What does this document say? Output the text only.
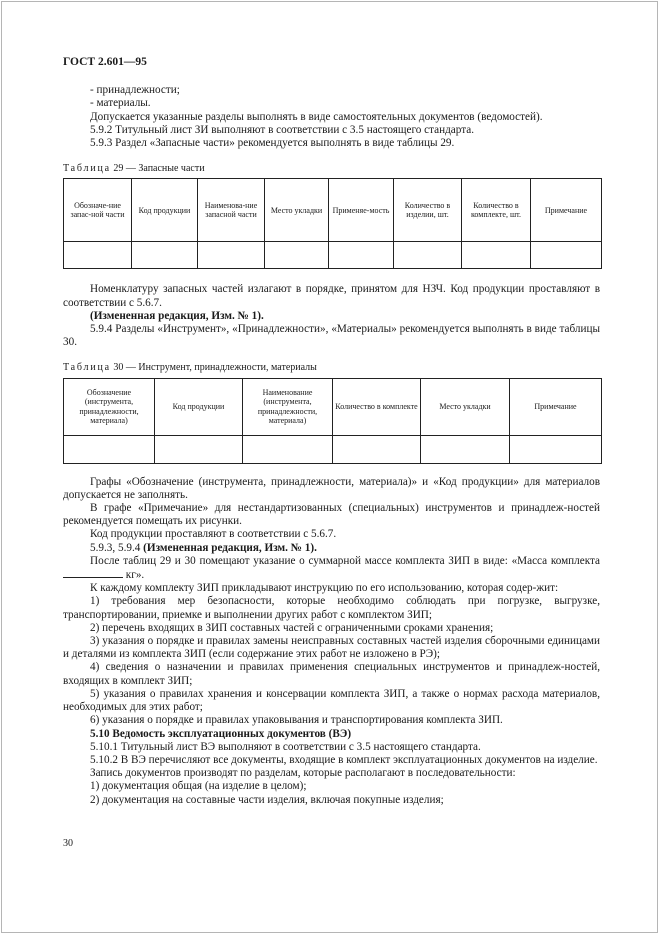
ГОСТ 2.601—95

- принадлежности;

- материалы.

Допускается указанные разделы выполнять в виде самостоятельных документов (ведомостей).

5.9.2 Титульный лист ЗИ выполняют в соответствии с 3.5 настоящего стандарта.

5.9.3 Раздел «Запасные части» рекомендуется выполнять в виде таблицы 29.

Таблица 29 — Запасные части
Обозначе-ние запас-ной части	Код продукции	Наименова-ние запасной части	Место укладки	Применяе-мость	Количество в изделии, шт.	Количество в комплекте, шт.	Примечание

Номенклатуру запасных частей излагают в порядке, принятом для НЗЧ. Код продукции проставляют в соответствии с 5.6.7.

(Измененная редакция, Изм. № 1).

5.9.4 Разделы «Инструмент», «Принадлежности», «Материалы» рекомендуется выполнять в виде таблицы 30.

Таблица 30 — Инструмент, принадлежности, материалы
Обозначение (инструмента, принадлежности, материала)	Код продукции	Наименование (инструмента, принадлежности, материала)	Количество в комплекте	Место укладки	Примечание

Графы «Обозначение (инструмента, принадлежности, материала)» и «Код продукции» для материалов допускается не заполнять.

В графе «Примечание» для нестандартизованных (специальных) инструментов и принадлеж-ностей рекомендуется помещать их рисунки.

Код продукции проставляют в соответствии с 5.6.7.

5.9.3, 5.9.4 (Измененная редакция, Изм. № 1).

После таблиц 29 и 30 помещают указание о суммарной массе комплекта ЗИП в виде: «Масса комплекта  кг».

К каждому комплекту ЗИП прикладывают инструкцию по его использованию, которая содер-жит:

1) требования мер безопасности, которые необходимо соблюдать при погрузке, выгрузке, транспортировании, приемке и выполнении других работ с комплектом ЗИП;

2) перечень входящих в ЗИП составных частей с ограниченными сроками хранения;

3) указания о порядке и правилах замены неисправных составных частей изделия сборочными единицами и деталями из комплекта ЗИП (если содержание этих работ не изложено в РЭ);

4) сведения о назначении и правилах применения специальных инструментов и принадлеж-ностей, входящих в комплект ЗИП;

5) указания о правилах хранения и консервации комплекта ЗИП, а также о нормах расхода материалов, необходимых для этих работ;

6) указания о порядке и правилах упаковывания и транспортирования комплекта ЗИП.

5.10 Ведомость эксплуатационных документов (ВЭ)

5.10.1 Титульный лист ВЭ выполняют в соответствии с 3.5 настоящего стандарта.

5.10.2 В ВЭ перечисляют все документы, входящие в комплект эксплуатационных документов на изделие.

Запись документов производят по разделам, которые располагают в последовательности:

1) документация общая (на изделие в целом);

2) документация на составные части изделия, включая покупные изделия;

30
